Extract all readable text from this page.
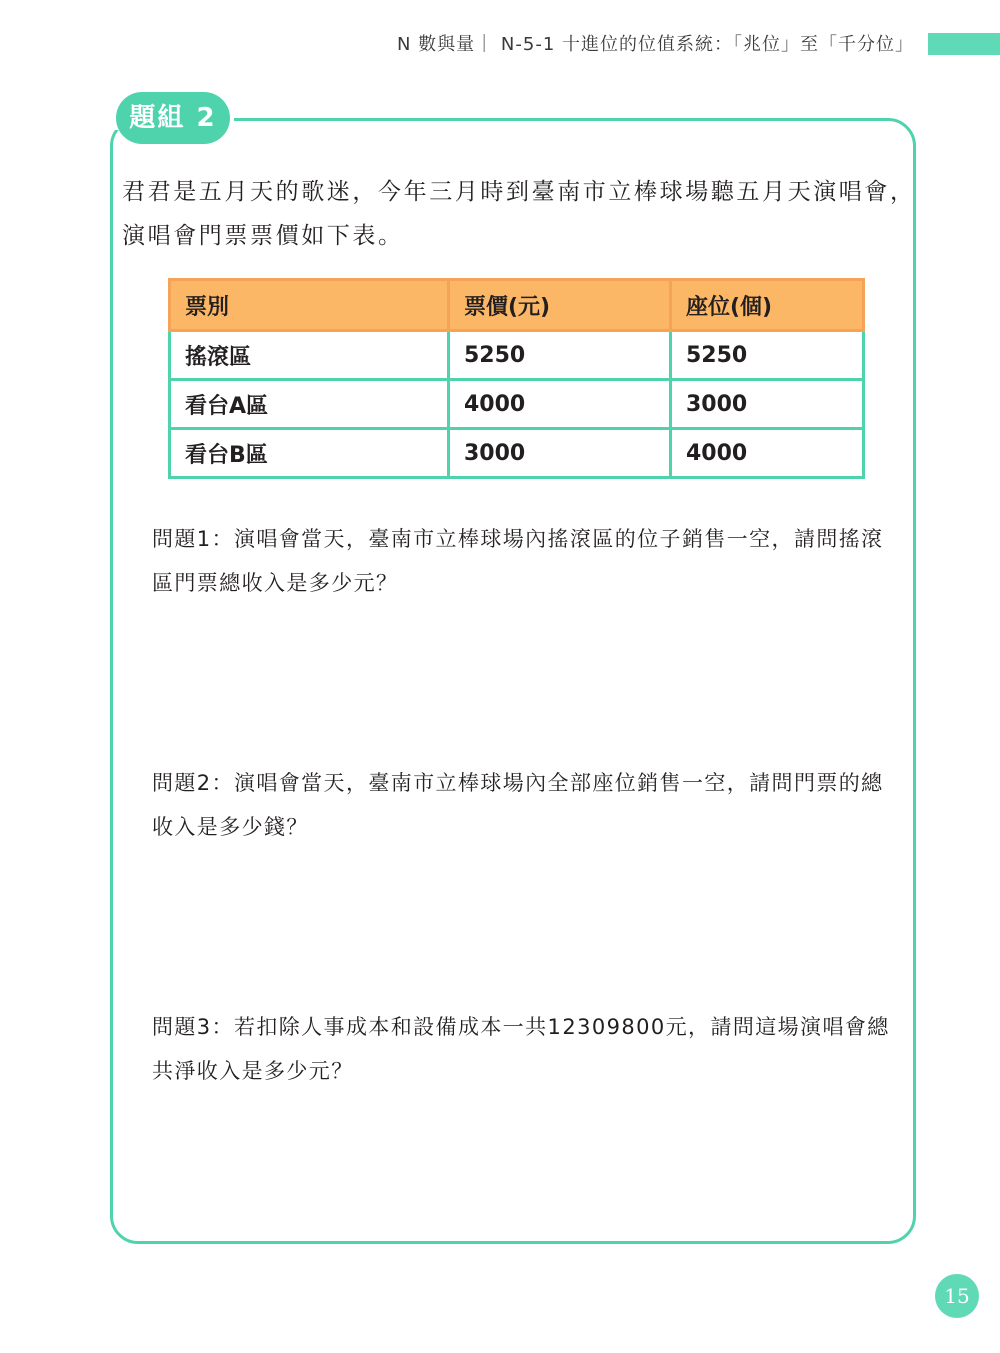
N 數與量｜ N-5-1 十進位的位值系統：「兆位」至「千分位」
題組 2

君君是五月天的歌迷，今年三月時到臺南市立棒球場聽五月天演唱會，演唱會門票票價如下表。

票別	票價(元)	座位(個)
搖滾區	5250	5250
看台A區	4000	3000
看台B區	3000	4000

問題1：演唱會當天，臺南市立棒球場內搖滾區的位子銷售一空，請問搖滾區門票總收入是多少元？

問題2：演唱會當天，臺南市立棒球場內全部座位銷售一空，請問門票的總收入是多少錢？

問題3：若扣除人事成本和設備成本一共12309800元，請問這場演唱會總共淨收入是多少元？

15
